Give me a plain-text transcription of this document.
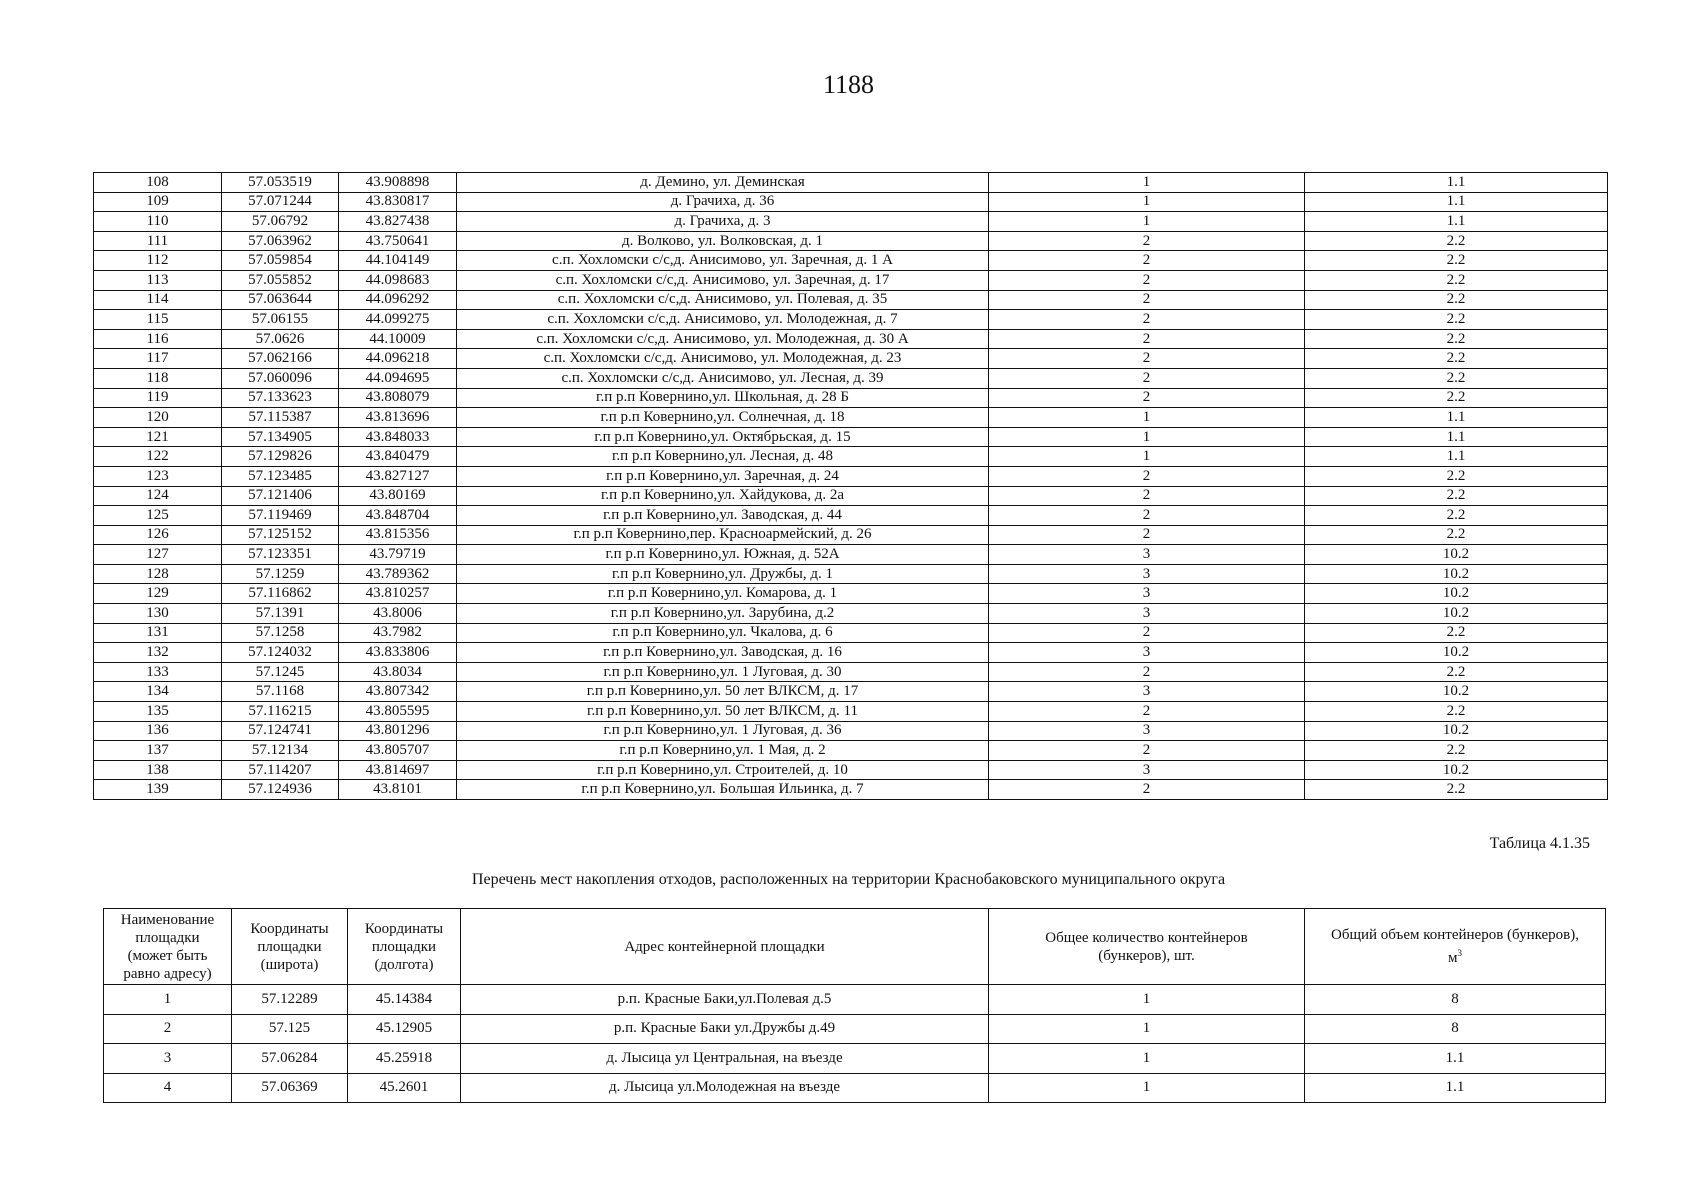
1188
108	57.053519	43.908898	д. Демино, ул. Деминская	1	1.1
109	57.071244	43.830817	д. Грачиха, д. 36	1	1.1
110	57.06792	43.827438	д. Грачиха, д. 3	1	1.1
111	57.063962	43.750641	д. Волково, ул. Волковская, д. 1	2	2.2
112	57.059854	44.104149	с.п. Хохломски с/с,д. Анисимово, ул. Заречная, д. 1 А	2	2.2
113	57.055852	44.098683	с.п. Хохломски с/с,д. Анисимово, ул. Заречная, д. 17	2	2.2
114	57.063644	44.096292	с.п. Хохломски с/с,д. Анисимово, ул. Полевая, д. 35	2	2.2
115	57.06155	44.099275	с.п. Хохломски с/с,д. Анисимово, ул. Молодежная, д. 7	2	2.2
116	57.0626	44.10009	с.п. Хохломски с/с,д. Анисимово, ул. Молодежная, д. 30 А	2	2.2
117	57.062166	44.096218	с.п. Хохломски с/с,д. Анисимово, ул. Молодежная, д. 23	2	2.2
118	57.060096	44.094695	с.п. Хохломски с/с,д. Анисимово, ул. Лесная, д. 39	2	2.2
119	57.133623	43.808079	г.п р.п Ковернино,ул. Школьная, д. 28 Б	2	2.2
120	57.115387	43.813696	г.п р.п Ковернино,ул. Солнечная, д. 18	1	1.1
121	57.134905	43.848033	г.п р.п Ковернино,ул. Октябрьская, д. 15	1	1.1
122	57.129826	43.840479	г.п р.п Ковернино,ул. Лесная, д. 48	1	1.1
123	57.123485	43.827127	г.п р.п Ковернино,ул. Заречная, д. 24	2	2.2
124	57.121406	43.80169	г.п р.п Ковернино,ул. Хайдукова, д. 2а	2	2.2
125	57.119469	43.848704	г.п р.п Ковернино,ул. Заводская, д. 44	2	2.2
126	57.125152	43.815356	г.п р.п Ковернино,пер. Красноармейский, д. 26	2	2.2
127	57.123351	43.79719	г.п р.п Ковернино,ул. Южная, д. 52А	3	10.2
128	57.1259	43.789362	г.п р.п Ковернино,ул. Дружбы, д. 1	3	10.2
129	57.116862	43.810257	г.п р.п Ковернино,ул. Комарова, д. 1	3	10.2
130	57.1391	43.8006	г.п р.п Ковернино,ул. Зарубина, д.2	3	10.2
131	57.1258	43.7982	г.п р.п Ковернино,ул. Чкалова, д. 6	2	2.2
132	57.124032	43.833806	г.п р.п Ковернино,ул. Заводская, д. 16	3	10.2
133	57.1245	43.8034	г.п р.п Ковернино,ул. 1 Луговая, д. 30	2	2.2
134	57.1168	43.807342	г.п р.п Ковернино,ул. 50 лет ВЛКСМ, д. 17	3	10.2
135	57.116215	43.805595	г.п р.п Ковернино,ул. 50 лет ВЛКСМ, д. 11	2	2.2
136	57.124741	43.801296	г.п р.п Ковернино,ул. 1 Луговая, д. 36	3	10.2
137	57.12134	43.805707	г.п р.п Ковернино,ул. 1 Мая, д. 2	2	2.2
138	57.114207	43.814697	г.п р.п Ковернино,ул. Строителей, д. 10	3	10.2
139	57.124936	43.8101	г.п р.п Ковернино,ул. Большая Ильинка, д. 7	2	2.2
Таблица 4.1.35
Перечень мест накопления отходов, расположенных на территории Краснобаковского муниципального округа
Наименование
площадки
(может быть
равно адресу)	Координаты
площадки
(широта)	Координаты
площадки
(долгота)	Адрес контейнерной площадки	Общее количество контейнеров
(бункеров), шт.	Общий объем контейнеров (бункеров),
$м^3$
1	57.12289	45.14384	р.п. Красные Баки,ул.Полевая д.5	1	8
2	57.125	45.12905	р.п. Красные Баки ул.Дружбы д.49	1	8
3	57.06284	45.25918	д. Лысица ул Центральная, на въезде	1	1.1
4	57.06369	45.2601	д. Лысица ул.Молодежная на въезде	1	1.1
